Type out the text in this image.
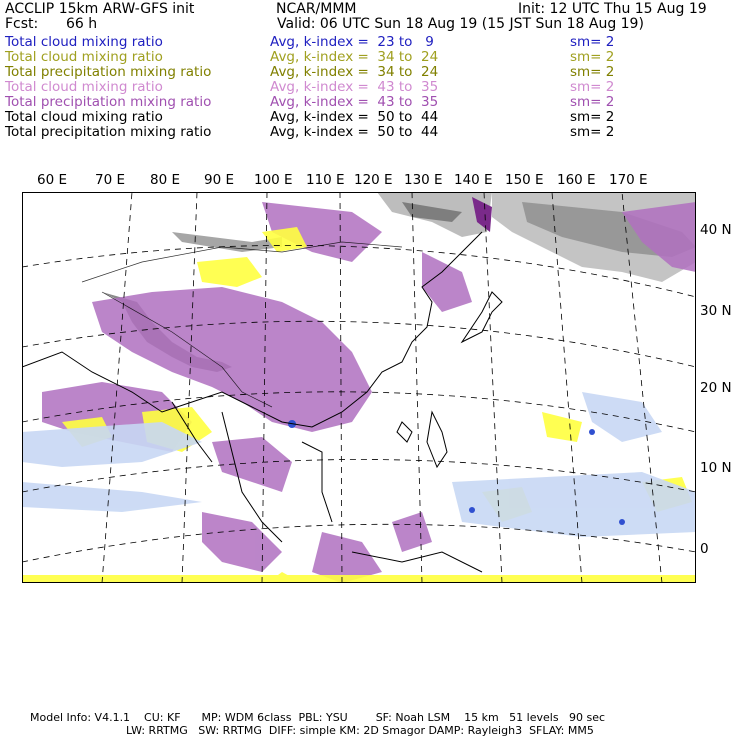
ACCLIP 15km ARW-GFS init	NCAR/MMM	Init: 12 UTC Thu 15 Aug 19
Fcst: 66 h	Valid: 06 UTC Sun 18 Aug 19 (15 JST Sun 18 Aug 19)
Total cloud mixing ratio	Avg, k-index =  23 to   9	sm= 2
Total cloud mixing ratio	Avg, k-index =  34 to  24	sm= 2
Total precipitation mixing ratio	Avg, k-index =  34 to  24	sm= 2
Total cloud mixing ratio	Avg, k-index =  43 to  35	sm= 2
Total precipitation mixing ratio	Avg, k-index =  43 to  35	sm= 2
Total cloud mixing ratio	Avg, k-index =  50 to  44	sm= 2
Total precipitation mixing ratio	Avg, k-index =  50 to  44	sm= 2
60 E 70 E 80 E 90 E 100 E 110 E 120 E 130 E 140 E 150 E 160 E 170 E
40 N
30 N
20 N
10 N
0
Model Info: V4.1.1    CU: KF      MP: WDM 6class  PBL: YSU        SF: Noah LSM    15 km   51 levels   90 sec
LW: RRTMG   SW: RRTMG  DIFF: simple KM: 2D Smagor DAMP: Rayleigh3  SFLAY: MM5
